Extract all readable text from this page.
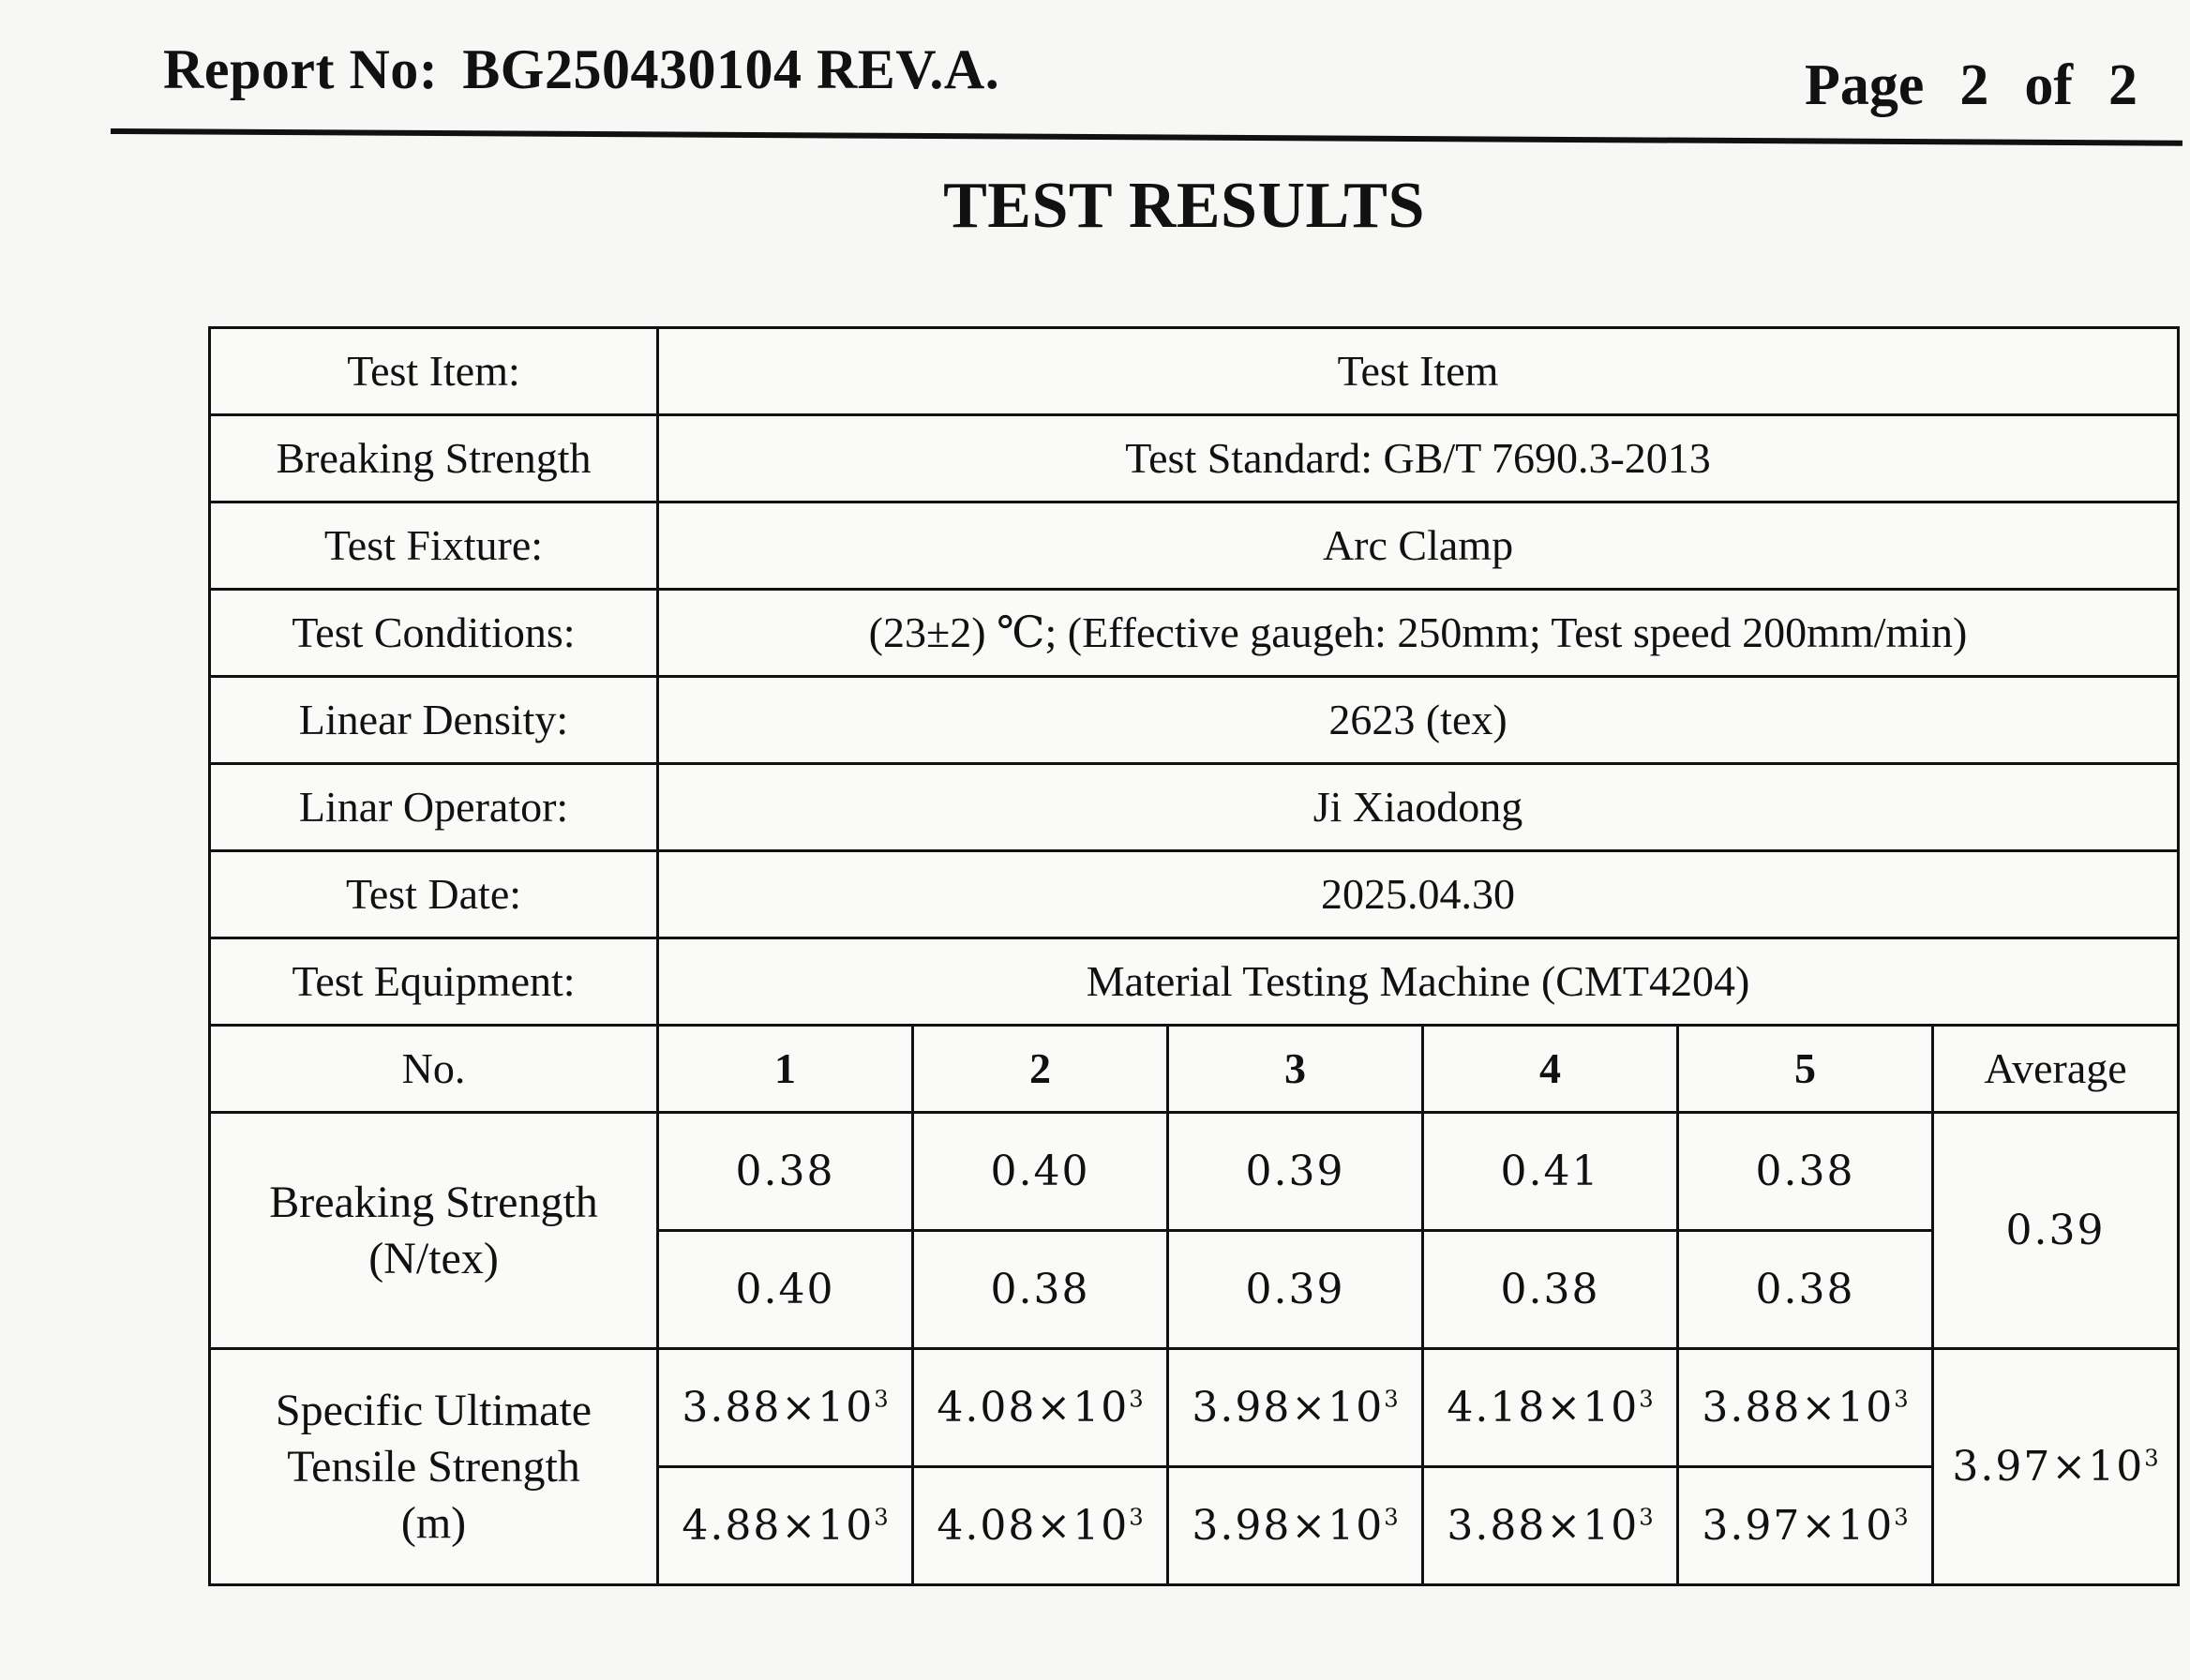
Report No: BG250430104 REV.A.	Page 2 of 2
TEST RESULTS
Test Item:	Test Item					
Breaking Strength	Test Standard: GB/T 7690.3-2013					
Test Fixture:	Arc Clamp					
Test Conditions:	(23±2) ℃; (Effective gaugeh: 250mm; Test speed 200mm/min)					
Linear Density:	2623 (tex)					
Linar Operator:	Ji Xiaodong					
Test Date:	2025.04.30					
Test Equipment:	Material Testing Machine (CMT4204)					
No.	1	2	3	4	5	Average

Breaking Strength
(N/tex)	0.38	0.40	0.39	0.41	0.38	0.39
	0.40	0.38	0.39	0.38	0.38	

Specific Ultimate
Tensile Strength
(m)	$3.88\times 10^3$	$4.08\times 10^3$	$3.98\times 10^3$	$4.18\times 10^3$	$3.88\times 10^3$	$3.97\times 10^3$
	$4.88\times 10^3$	$4.08\times 10^3$	$3.98\times 10^3$	$3.88\times 10^3$	$3.97\times 10^3$
